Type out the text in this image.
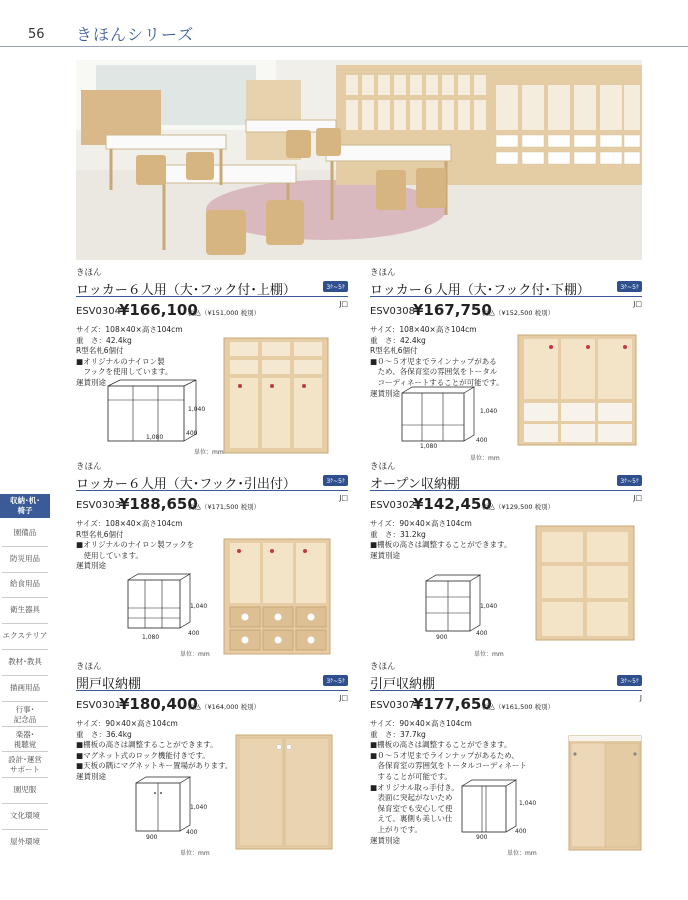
56 きほんシリーズ
収納･机･
椅子
園備品
防災用品
給食用品
衛生器具
エクステリア
教材･教具
描画用品
行事･
記念品
楽器･
視聴覚
設計･運営
サポート
園児服
文化環境
屋外環境
きほん
ロッカー６人用（大･フック付･上棚）	3ｹ~5ｹ
ESV0304
¥166,100
税込（¥151,000 税別）
J□
サイズ：108×40×高さ104cm
重　さ：42.4kg
R型名札6個付
■オリジナルのナイロン製
　フックを使用しています。
運賃別途
1,040
400
1,080
単位：mm
きほん
ロッカー６人用（大･フック付･下棚）	3ｹ~5ｹ
ESV0308
¥167,750
税込（¥152,500 税別）
J□
サイズ：108×40×高さ104cm
重　さ：42.4kg
R型名札6個付
■０～５才児までラインナップがある
　ため、各保育室の雰囲気をトータル
　コーディネートすることが可能です。
運賃別途
1,040
400
1,080
単位：mm
きほん
ロッカー６人用（大･フック･引出付）	3ｹ~5ｹ
ESV0303
¥188,650
税込（¥171,500 税別）
J□
サイズ：108×40×高さ104cm
R型名札6個付
■オリジナルのナイロン製フックを
　使用しています。
運賃別途
1,040
400
1,080
単位：mm
きほん
オープン収納棚	3ｹ~5ｹ
ESV0302
¥142,450
税込（¥129,500 税別）
J□
サイズ：90×40×高さ104cm
重　さ：31.2kg
■棚板の高さは調整することができます。
運賃別途
1,040
400
900
単位：mm
きほん
開戸収納棚	3ｹ~5ｹ
ESV0301
¥180,400
税込（¥164,000 税別）
J□
サイズ：90×40×高さ104cm
重　さ：36.4kg
■棚板の高さは調整することができます。
■マグネット式のロック機能付きです。
■天板の隅にマグネットキー置場があります。
運賃別途
1,040
400
900
単位：mm
きほん
引戸収納棚	3ｹ~5ｹ
ESV0307
¥177,650
税込（¥161,500 税別）
J
サイズ：90×40×高さ104cm
重　さ：37.7kg
■棚板の高さは調整することができます。
■０～５才児までラインナップがあるため、
　各保育室の雰囲気をトータルコーディネート
　することが可能です。
■オリジナル取っ手付き。
　表面に突起がないため
　保育室でも安心して使
　えて、裏側も美しい仕
　上がりです。
運賃別途
1,040
400
900
単位：mm
